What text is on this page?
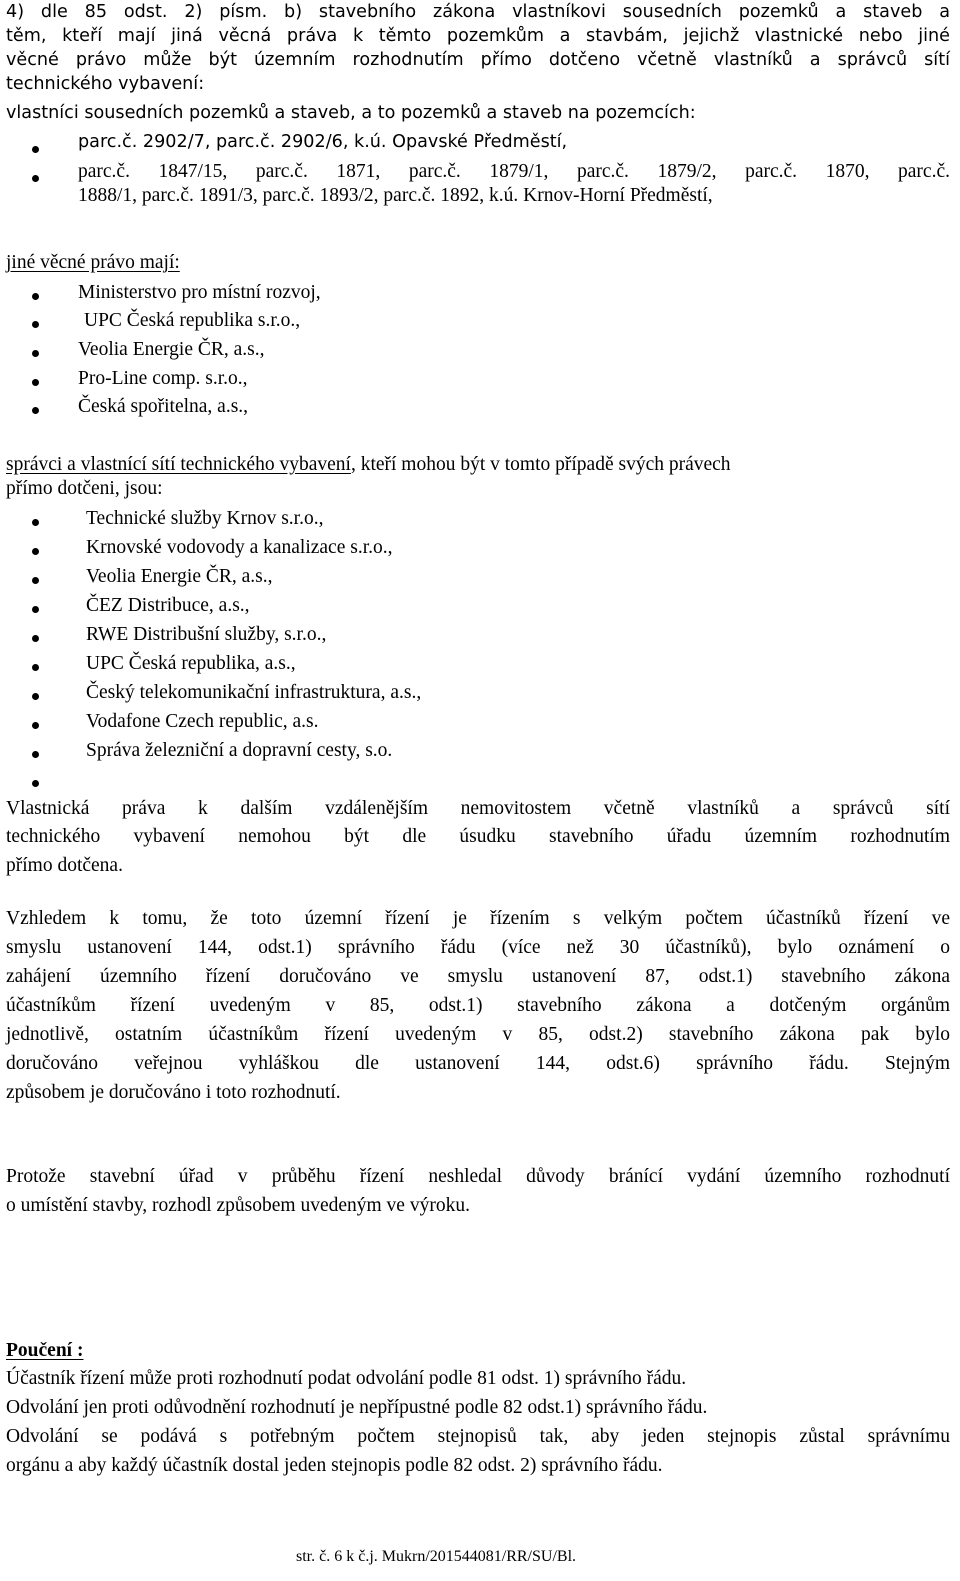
4) dle 85 odst. 2) písm. b) stavebního zákona vlastníkovi sousedních pozemků a staveb a
těm, kteří mají jiná věcná práva k těmto pozemkům a stavbám, jejichž vlastnické nebo jiné
věcné právo může být územním rozhodnutím přímo dotčeno včetně vlastníků a správců sítí
technického vybavení:
vlastníci sousedních pozemků a staveb, a to pozemků a staveb na pozemcích:
parc.č. 2902/7, parc.č. 2902/6, k.ú. Opavské Předměstí,
parc.č. 1847/15, parc.č. 1871, parc.č. 1879/1, parc.č. 1879/2, parc.č. 1870, parc.č.
1888/1, parc.č. 1891/3, parc.č. 1893/2, parc.č. 1892, k.ú. Krnov-Horní Předměstí,
jiné věcné právo mají:
Ministerstvo pro místní rozvoj,
UPC Česká republika s.r.o.,
Veolia Energie ČR, a.s.,
Pro-Line comp. s.r.o.,
Česká spořitelna, a.s.,
správci a vlastnící sítí technického vybavení, kteří mohou být v tomto případě svých právech
přímo dotčeni, jsou:
Technické služby Krnov s.r.o.,
Krnovské vodovody a kanalizace s.r.o.,
Veolia Energie ČR, a.s.,
ČEZ Distribuce, a.s.,
RWE Distribušní služby, s.r.o.,
UPC Česká republika, a.s.,
Český telekomunikační infrastruktura, a.s.,
Vodafone Czech republic, a.s.
Správa železniční a dopravní cesty, s.o.
Vlastnická práva k dalším vzdálenějším nemovitostem včetně vlastníků a správců sítí
technického vybavení nemohou být dle úsudku stavebního úřadu územním rozhodnutím
přímo dotčena.
Vzhledem k tomu, že toto územní řízení je řízením s velkým počtem účastníků řízení ve
smyslu ustanovení 144, odst.1) správního řádu (více než 30 účastníků), bylo oznámení o
zahájení územního řízení doručováno ve smyslu ustanovení 87, odst.1) stavebního zákona
účastníkům řízení uvedeným v 85, odst.1) stavebního zákona a dotčeným orgánům
jednotlivě, ostatním účastníkům řízení uvedeným v 85, odst.2) stavebního zákona pak bylo
doručováno veřejnou vyhláškou dle ustanovení 144, odst.6) správního řádu. Stejným
způsobem je doručováno i toto rozhodnutí.
Protože stavební úřad v průběhu řízení neshledal důvody bránící vydání územního rozhodnutí
o umístění stavby, rozhodl způsobem uvedeným ve výroku.
Poučení :
Účastník řízení může proti rozhodnutí podat odvolání podle 81 odst. 1) správního řádu.
Odvolání jen proti odůvodnění rozhodnutí je nepřípustné podle 82 odst.1) správního řádu.
Odvolání se podává s potřebným počtem stejnopisů tak, aby jeden stejnopis zůstal správnímu
orgánu a aby každý účastník dostal jeden stejnopis podle 82 odst. 2) správního řádu.
str. č. 6 k č.j. Mukrn/201544081/RR/SU/Bl.
